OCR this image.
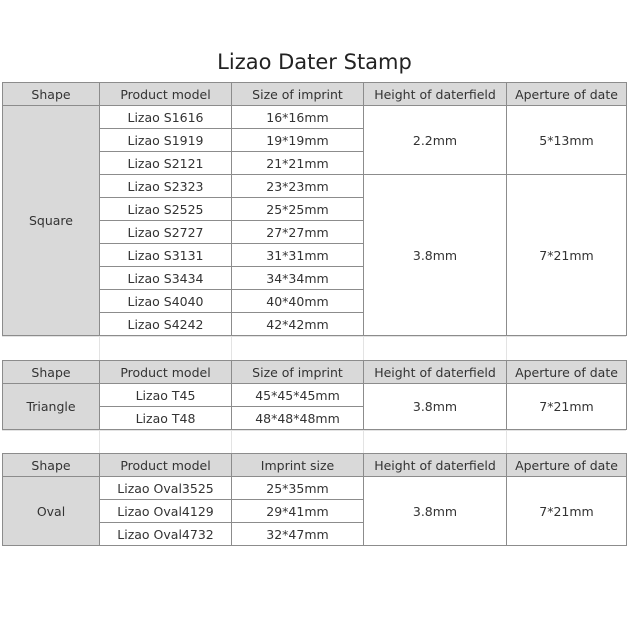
Lizao Dater Stamp
Shape	Product model	Size of imprint	Height of daterfield	Aperture of date
Square	Lizao S1616	16*16mm	2.2mm	5*13mm
	Lizao S1919	19*19mm		
	Lizao S2121	21*21mm		
	Lizao S2323	23*23mm	3.8mm	7*21mm
	Lizao S2525	25*25mm		
	Lizao S2727	27*27mm		
	Lizao S3131	31*31mm		
	Lizao S3434	34*34mm		
	Lizao S4040	40*40mm		
	Lizao S4242	42*42mm		
Shape	Product model	Size of imprint	Height of daterfield	Aperture of date
Triangle	Lizao T45	45*45*45mm	3.8mm	7*21mm
	Lizao T48	48*48*48mm		
Shape	Product model	Imprint size	Height of daterfield	Aperture of date
Oval	Lizao Oval3525	25*35mm	3.8mm	7*21mm
	Lizao Oval4129	29*41mm		
	Lizao Oval4732	32*47mm		
